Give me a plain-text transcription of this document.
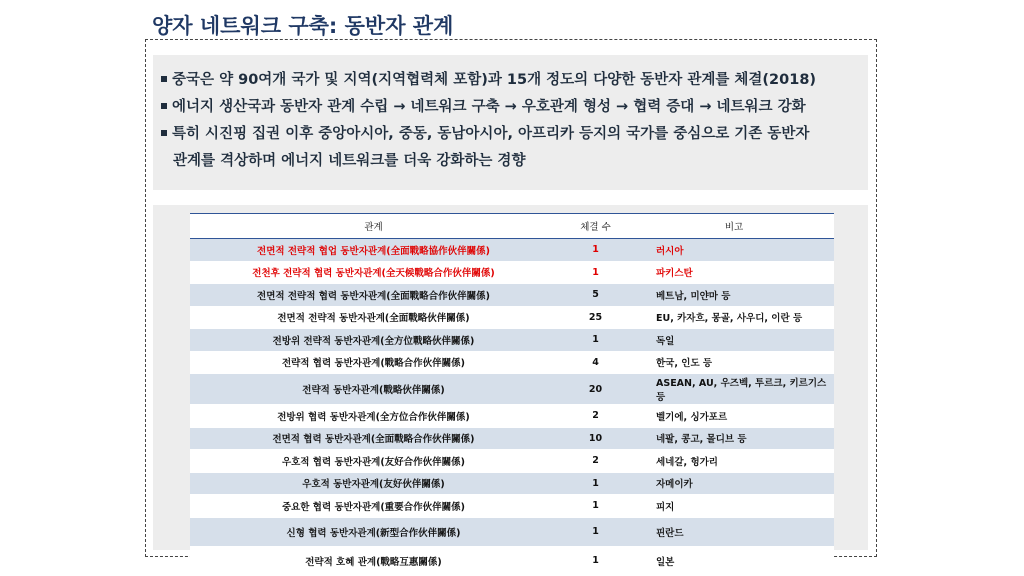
양자 네트워크 구축: 동반자 관계
중국은 약 90여개 국가 및 지역(지역협력체 포함)과 15개 정도의 다양한 동반자 관계를 체결(2018)
에너지 생산국과 동반자 관계 수립 → 네트워크 구축 → 우호관계 형성 → 협력 증대 → 네트워크 강화
특히 시진핑 집권 이후 중앙아시아, 중동, 동남아시아, 아프리카 등지의 국가를 중심으로 기존 동반자
관계를 격상하며 에너지 네트워크를 더욱 강화하는 경향
관계	체결 수	비고
전면적 전략적 협업 동반자관계(全面戰略協作伙伴關係)	1	러시아
전천후 전략적 협력 동반자관계(全天候戰略合作伙伴關係)	1	파키스탄
전면적 전략적 협력 동반자관계(全面戰略合作伙伴關係)	5	베트남, 미얀마 등
전면적 전략적 동반자관계(全面戰略伙伴關係)	25	EU, 카자흐, 몽골, 사우디, 이란 등
전방위 전략적 동반자관계(全方位戰略伙伴關係)	1	독일
전략적 협력 동반자관계(戰略合作伙伴關係)	4	한국, 인도 등
전략적 동반자관계(戰略伙伴關係)	20	ASEAN, AU, 우즈벡, 투르크, 키르기스 등
전방위 협력 동반자관계(全方位合作伙伴關係)	2	벨기에, 싱가포르
전면적 협력 동반자관계(全面戰略合作伙伴關係)	10	네팔, 콩고, 몰디브 등
우호적 협력 동반자관계(友好合作伙伴關係)	2	세네갈, 헝가리
우호적 동반자관계(友好伙伴關係)	1	자메이카
중요한 협력 동반자관계(重要合作伙伴關係)	1	피지
신형 협력 동반자관계(新型合作伙伴關係)	1	핀란드
전략적 호혜 관계(戰略互惠關係)	1	일본
